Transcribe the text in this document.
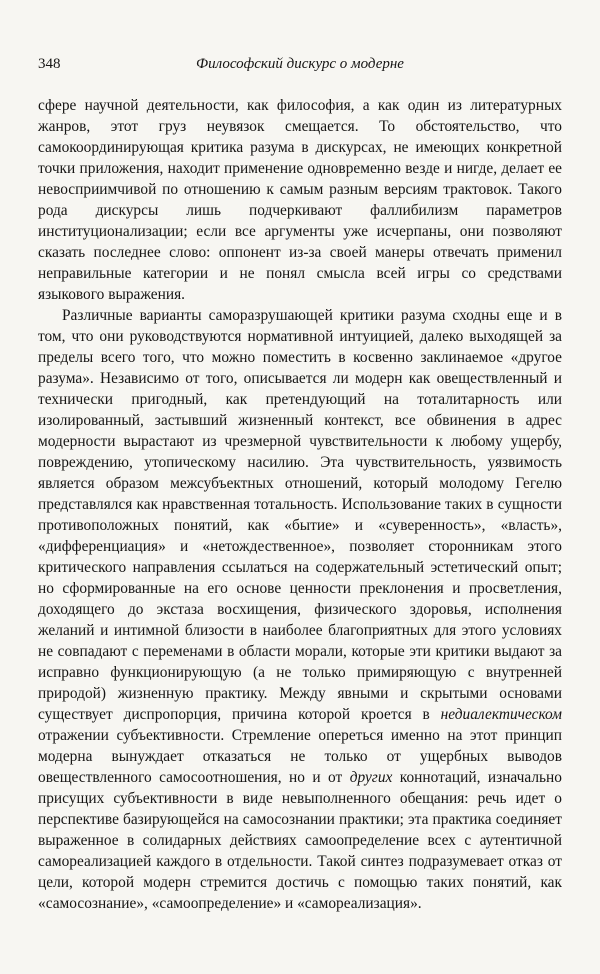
348	Философский дискурс о модерне

сфере научной деятельности, как философия, а как один из литературных жанров, этот груз неувязок смещается. То обстоятельство, что самокоординирующая критика разума в дискурсах, не имеющих конкретной точки приложения, находит применение одновременно везде и нигде, делает ее невосприимчивой по отношению к самым разным версиям трактовок. Такого рода дискурсы лишь подчеркивают фаллибилизм параметров институционализации; если все аргументы уже исчерпаны, они позволяют сказать последнее слово: оппонент из-за своей манеры отвечать применил неправильные категории и не понял смысла всей игры со средствами языкового выражения.

Различные варианты саморазрушающей критики разума сходны еще и в том, что они руководствуются нормативной интуицией, далеко выходящей за пределы всего того, что можно поместить в косвенно заклинаемое «другое разума». Независимо от того, описывается ли модерн как овеществленный и технически пригодный, как претендующий на тоталитарность или изолированный, застывший жизненный контекст, все обвинения в адрес модерности вырастают из чрезмерной чувствительности к любому ущербу, повреждению, утопическому насилию. Эта чувствительность, уязвимость является образом межсубъектных отношений, который молодому Гегелю представлялся как нравственная тотальность. Использование таких в сущности противоположных понятий, как «бытие» и «суверенность», «власть», «дифференциация» и «нетождественное», позволяет сторонникам этого критического направления ссылаться на содержательный эстетический опыт; но сформированные на его основе ценности преклонения и просветления, доходящего до экстаза восхищения, физического здоровья, исполнения желаний и интимной близости в наиболее благоприятных для этого условиях не совпадают с переменами в области морали, которые эти критики выдают за исправно функционирующую (а не только примиряющую с внутренней природой) жизненную практику. Между явными и скрытыми основами существует диспропорция, причина которой кроется в недиалектическом отражении субъективности. Стремление опереться именно на этот принцип модерна вынуждает отказаться не только от ущербных выводов овеществленного самосоотношения, но и от других коннотаций, изначально присущих субъективности в виде невыполненного обещания: речь идет о перспективе базирующейся на самосознании практики; эта практика соединяет выраженное в солидарных действиях самоопределение всех с аутентичной самореализацией каждого в отдельности. Такой синтез подразумевает отказ от цели, которой модерн стремится достичь с помощью таких понятий, как «самосознание», «самоопределение» и «самореализация».
